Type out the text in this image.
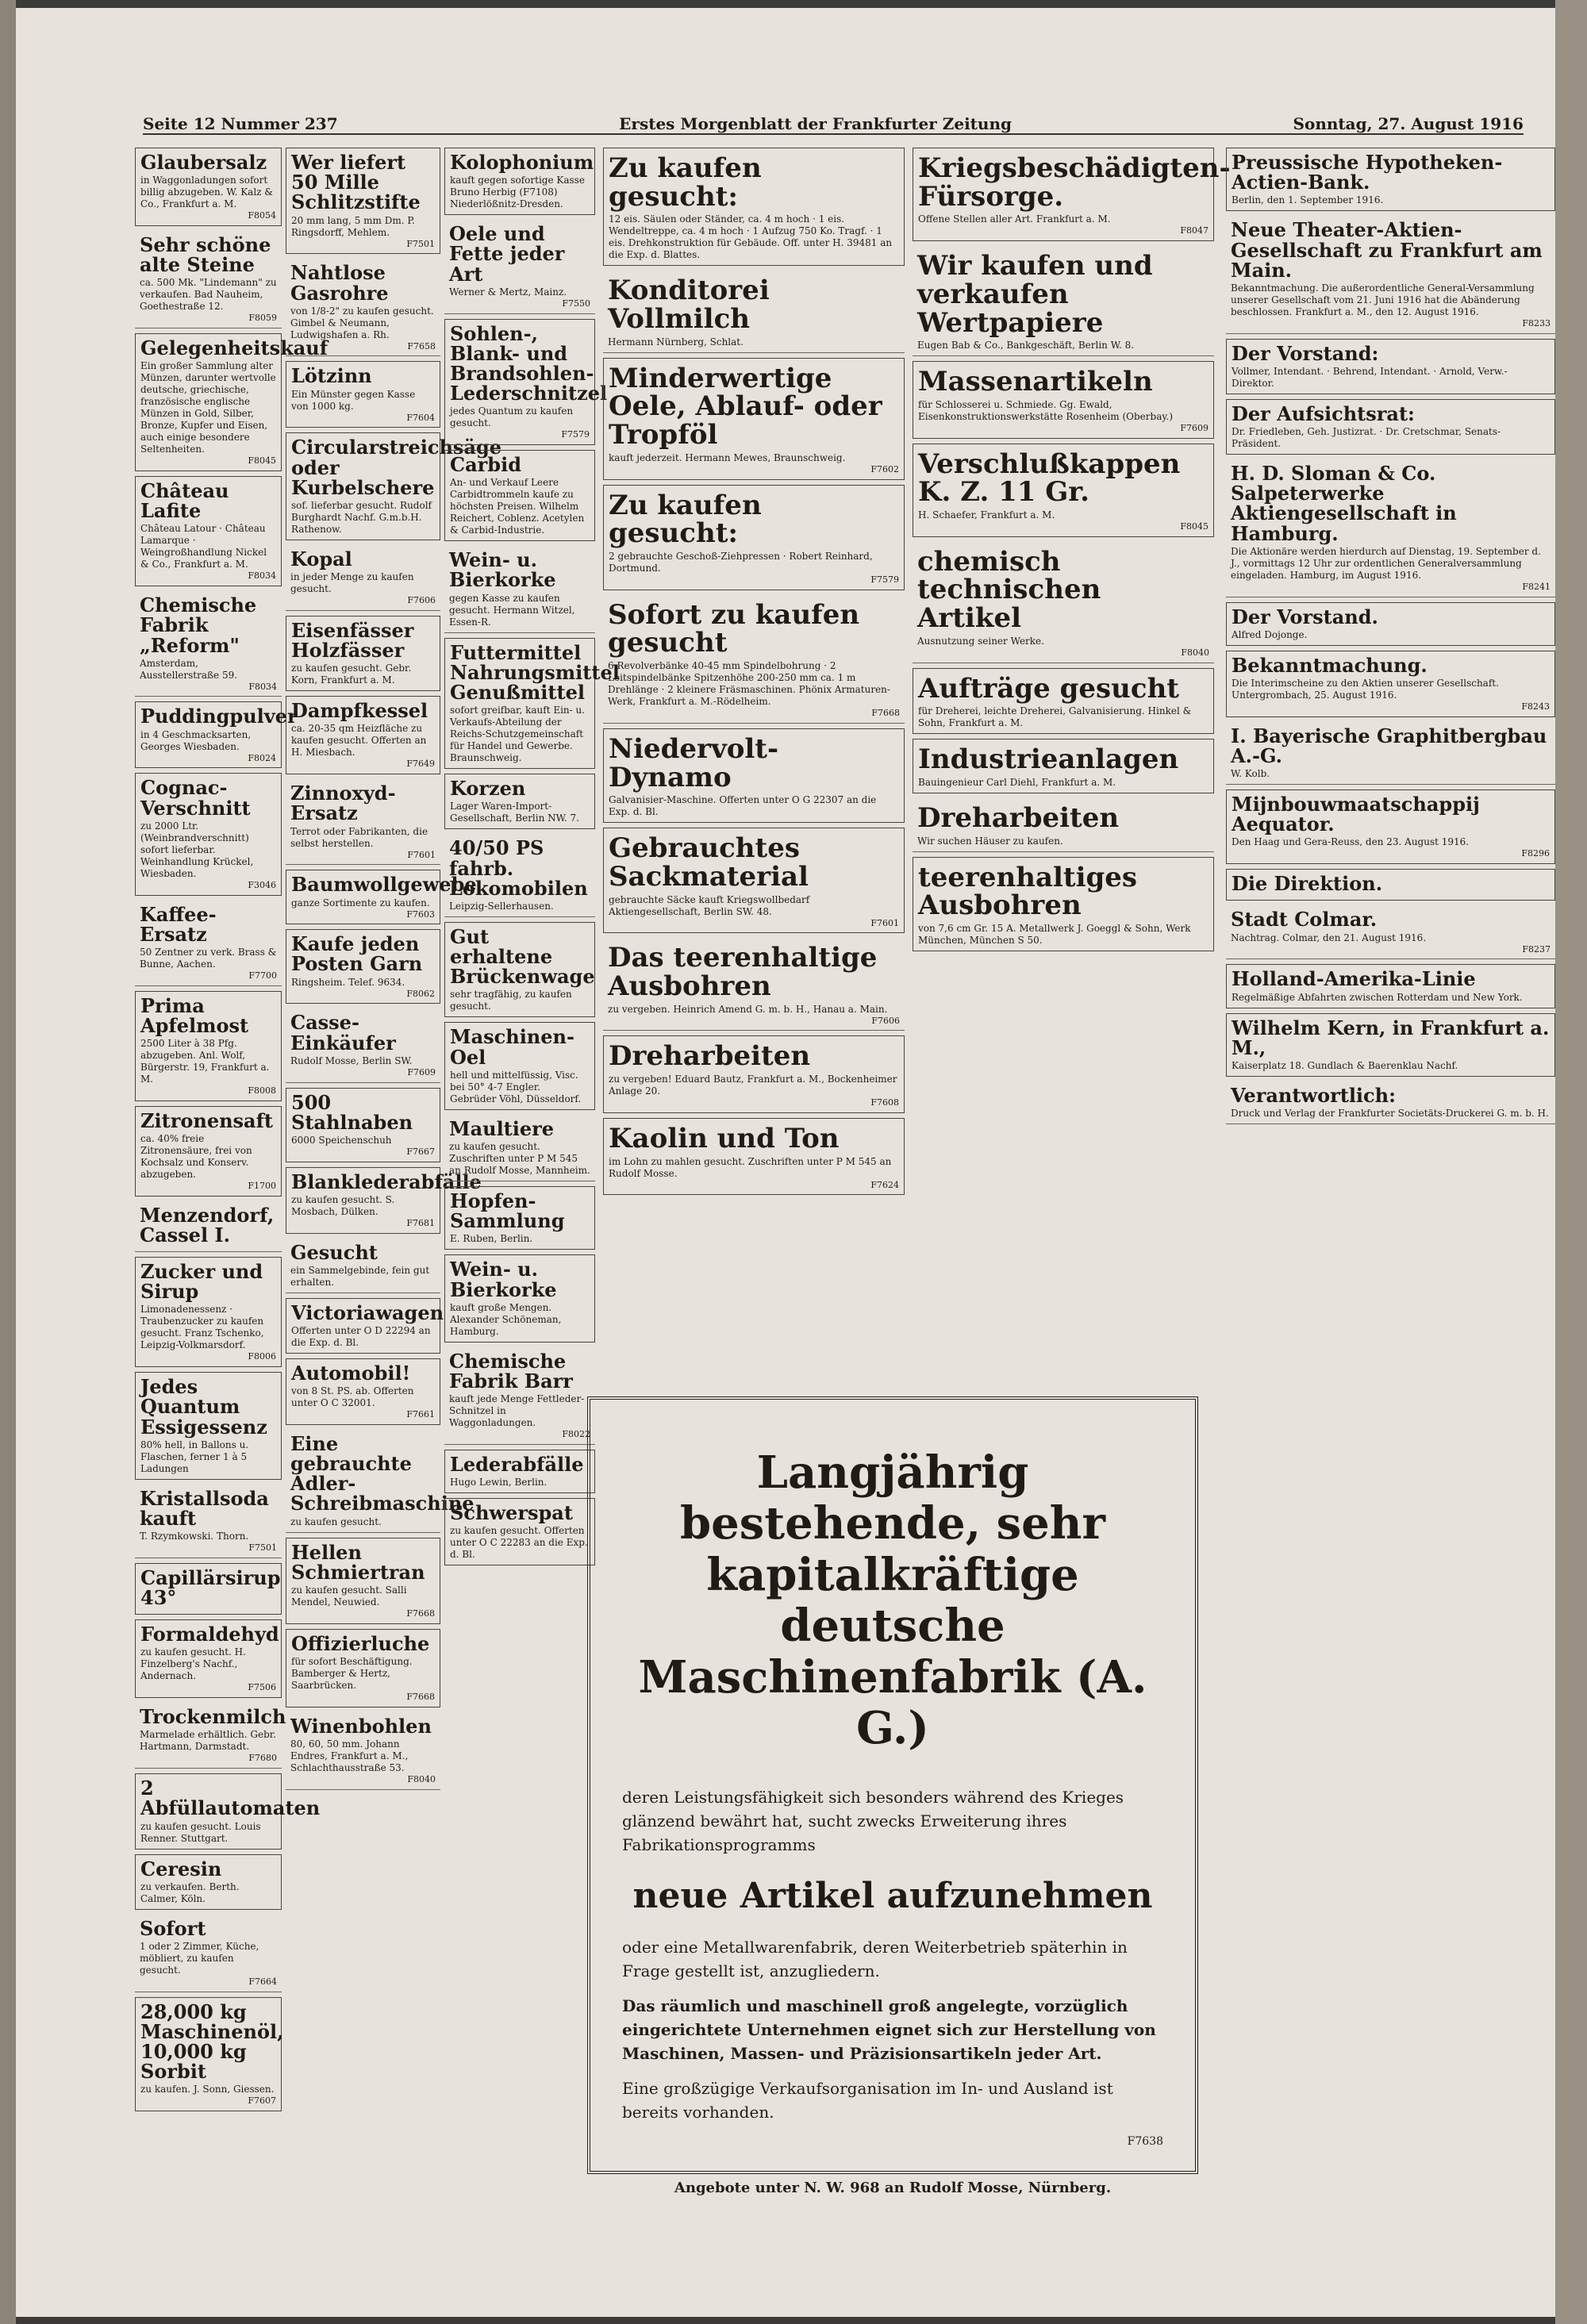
Seite 12 Nummer 237	Erstes Morgenblatt der Frankfurter Zeitung	Sonntag, 27. August 1916
Glaubersalz
in Waggonladungen sofort billig abzugeben. W. Kalz & Co., Frankfurt a. M.
F8054
Sehr schöne alte Steine
ca. 500 Mk. "Lindemann" zu verkaufen. Bad Nauheim, Goethestraße 12.
F8059
Gelegenheitskauf
Ein großer Sammlung alter Münzen, darunter wertvolle deutsche, griechische, französische englische Münzen in Gold, Silber, Bronze, Kupfer und Eisen, auch einige besondere Seltenheiten.
F8045
Château Lafite
Château Latour · Château Lamarque · Weingroßhandlung Nickel & Co., Frankfurt a. M.
F8034
Chemische Fabrik „Reform"
Amsterdam, Ausstellerstraße 59.
F8034
Puddingpulver
in 4 Geschmacksarten, Georges Wiesbaden.
F8024
Cognac-Verschnitt
zu 2000 Ltr. (Weinbrandverschnitt) sofort lieferbar. Weinhandlung Krückel, Wiesbaden.
F3046
Kaffee-Ersatz
50 Zentner zu verk. Brass & Bunne, Aachen.
F7700
Prima Apfelmost
2500 Liter à 38 Pfg. abzugeben. Anl. Wolf, Bürgerstr. 19, Frankfurt a. M.
F8008
Zitronensaft
ca. 40% freie Zitronensäure, frei von Kochsalz und Konserv. abzugeben.
F1700
Menzendorf, Cassel I.
Zucker und Sirup
Limonadenessenz · Traubenzucker zu kaufen gesucht. Franz Tschenko, Leipzig-Volkmarsdorf.
F8006
Jedes Quantum Essigessenz
80% hell, in Ballons u. Flaschen, ferner 1 à 5 Ladungen
Kristallsoda kauft
T. Rzymkowski. Thorn.
F7501
Capillärsirup 43°
Formaldehyd
zu kaufen gesucht. H. Finzelberg's Nachf., Andernach.
F7506
Trockenmilch
Marmelade erhältlich. Gebr. Hartmann, Darmstadt.
F7680
2 Abfüllautomaten
zu kaufen gesucht. Louis Renner. Stuttgart.
Ceresin
zu verkaufen. Berth. Calmer, Köln.
Sofort
1 oder 2 Zimmer, Küche, möbliert, zu kaufen gesucht.
F7664
28,000 kg Maschinenöl, 10,000 kg Sorbit
zu kaufen. J. Sonn, Giessen.
F7607
Wer liefert 50 Mille Schlitzstifte
20 mm lang, 5 mm Dm. P. Ringsdorff, Mehlem.
F7501
Nahtlose Gasrohre
von 1/8-2" zu kaufen gesucht. Gimbel & Neumann, Ludwigshafen a. Rh.
F7658
Lötzinn
Ein Münster gegen Kasse von 1000 kg.
F7604
Circularstreichsäge oder Kurbelschere
sof. lieferbar gesucht. Rudolf Burghardt Nachf. G.m.b.H. Rathenow.
Kopal
in jeder Menge zu kaufen gesucht.
F7606
Eisenfässer Holzfässer
zu kaufen gesucht. Gebr. Korn, Frankfurt a. M.
Dampfkessel
ca. 20-35 qm Heizfläche zu kaufen gesucht. Offerten an H. Miesbach.
F7649
Zinnoxyd-Ersatz
Terrot oder Fabrikanten, die selbst herstellen.
F7601
Baumwollgewebe
ganze Sortimente zu kaufen.
F7603
Kaufe jeden Posten Garn
Ringsheim. Telef. 9634.
F8062
Casse-Einkäufer
Rudolf Mosse, Berlin SW.
F7609
500 Stahlnaben
6000 Speichenschuh
F7667
Blanklederabfälle
zu kaufen gesucht. S. Mosbach, Dülken.
F7681
Gesucht
ein Sammelgebinde, fein gut erhalten.
Victoriawagen
Offerten unter O D 22294 an die Exp. d. Bl.
Automobil!
von 8 St. PS. ab. Offerten unter O C 32001.
F7661
Eine gebrauchte Adler-Schreibmaschine
zu kaufen gesucht.
Hellen Schmiertran
zu kaufen gesucht. Salli Mendel, Neuwied.
F7668
Offizierluche
für sofort Beschäftigung. Bamberger & Hertz, Saarbrücken.
F7668
Winenbohlen
80, 60, 50 mm. Johann Endres, Frankfurt a. M., Schlachthausstraße 53.
F8040
Kolophonium
kauft gegen sofortige Kasse Bruno Herbig (F7108) Niederlößnitz-Dresden.
Oele und Fette jeder Art
Werner & Mertz, Mainz.
F7550
Sohlen-, Blank- und Brandsohlen-Lederschnitzel
jedes Quantum zu kaufen gesucht.
F7579
Carbid
An- und Verkauf Leere Carbidtrommeln kaufe zu höchsten Preisen. Wilhelm Reichert, Coblenz. Acetylen & Carbid-Industrie.
Wein- u. Bierkorke
gegen Kasse zu kaufen gesucht. Hermann Witzel, Essen-R.
Futtermittel Nahrungsmittel Genußmittel
sofort greifbar, kauft Ein- u. Verkaufs-Abteilung der Reichs-Schutzgemeinschaft für Handel und Gewerbe. Braunschweig.
Korzen
Lager Waren-Import-Gesellschaft, Berlin NW. 7.
40/50 PS fahrb. Lokomobilen
Leipzig-Sellerhausen.
Gut erhaltene Brückenwage
sehr tragfähig, zu kaufen gesucht.
Maschinen-Oel
hell und mittelfüssig, Visc. bei 50° 4-7 Engler. Gebrüder Vöhl, Düsseldorf.
Maultiere
zu kaufen gesucht. Zuschriften unter P M 545 an Rudolf Mosse, Mannheim.
Hopfen-Sammlung
E. Ruben, Berlin.
Wein- u. Bierkorke
kauft große Mengen. Alexander Schöneman, Hamburg.
Chemische Fabrik Barr
kauft jede Menge Fettleder-Schnitzel in Waggonladungen.
F8022
Lederabfälle
Hugo Lewin, Berlin.
Schwerspat
zu kaufen gesucht. Offerten unter O C 22283 an die Exp. d. Bl.
Zu kaufen gesucht:
12 eis. Säulen oder Ständer, ca. 4 m hoch · 1 eis. Wendeltreppe, ca. 4 m hoch · 1 Aufzug 750 Ko. Tragf. · 1 eis. Drehkonstruktion für Gebäude. Off. unter H. 39481 an die Exp. d. Blattes.
Konditorei Vollmilch
Hermann Nürnberg, Schlat.
Minderwertige Oele, Ablauf- oder Tropföl
kauft jederzeit. Hermann Mewes, Braunschweig.
F7602
Zu kaufen gesucht:
2 gebrauchte Geschoß-Ziehpressen · Robert Reinhard, Dortmund.
F7579
Sofort zu kaufen gesucht
6 Revolverbänke 40-45 mm Spindelbohrung · 2 Leitspindelbänke Spitzenhöhe 200-250 mm ca. 1 m Drehlänge · 2 kleinere Fräsmaschinen. Phönix Armaturen-Werk, Frankfurt a. M.-Rödelheim.
F7668
Niedervolt-Dynamo
Galvanisier-Maschine. Offerten unter O G 22307 an die Exp. d. Bl.
Gebrauchtes Sackmaterial
gebrauchte Säcke kauft Kriegswollbedarf Aktiengesellschaft, Berlin SW. 48.
F7601
Das teerenhaltige Ausbohren
zu vergeben. Heinrich Amend G. m. b. H., Hanau a. Main.
F7606
Dreharbeiten
zu vergeben! Eduard Bautz, Frankfurt a. M., Bockenheimer Anlage 20.
F7608
Kaolin und Ton
im Lohn zu mahlen gesucht. Zuschriften unter P M 545 an Rudolf Mosse.
F7624
Kriegsbeschädigten-Fürsorge.
Offene Stellen aller Art. Frankfurt a. M.
F8047
Wir kaufen und verkaufen Wertpapiere
Eugen Bab & Co., Bankgeschäft, Berlin W. 8.
Massenartikeln
für Schlosserei u. Schmiede. Gg. Ewald, Eisenkonstruktionswerkstätte Rosenheim (Oberbay.)
F7609
Verschlußkappen K. Z. 11 Gr.
H. Schaefer, Frankfurt a. M.
F8045
chemisch technischen Artikel
Ausnutzung seiner Werke.
F8040
Aufträge gesucht
für Dreherei, leichte Dreherei, Galvanisierung. Hinkel & Sohn, Frankfurt a. M.
Industrieanlagen
Bauingenieur Carl Diehl, Frankfurt a. M.
Dreharbeiten
Wir suchen Häuser zu kaufen.
teerenhaltiges Ausbohren
von 7,6 cm Gr. 15 A. Metallwerk J. Goeggl & Sohn, Werk München, München S 50.
Preussische Hypotheken-Actien-Bank.
Berlin, den 1. September 1916.
Neue Theater-Aktien-Gesellschaft zu Frankfurt am Main.
Bekanntmachung. Die außerordentliche General-Versammlung unserer Gesellschaft vom 21. Juni 1916 hat die Abänderung beschlossen. Frankfurt a. M., den 12. August 1916.
F8233
Der Vorstand:
Vollmer, Intendant. · Behrend, Intendant. · Arnold, Verw.-Direktor.
Der Aufsichtsrat:
Dr. Friedleben, Geh. Justizrat. · Dr. Cretschmar, Senats-Präsident.
H. D. Sloman & Co. Salpeterwerke Aktiengesellschaft in Hamburg.
Die Aktionäre werden hierdurch auf Dienstag, 19. September d. J., vormittags 12 Uhr zur ordentlichen Generalversammlung eingeladen. Hamburg, im August 1916.
F8241
Der Vorstand.
Alfred Dojonge.
Bekanntmachung.
Die Interimscheine zu den Aktien unserer Gesellschaft. Untergrombach, 25. August 1916.
F8243
I. Bayerische Graphitbergbau A.-G.
W. Kolb.
Mijnbouwmaatschappij Aequator.
Den Haag und Gera-Reuss, den 23. August 1916.
F8296
Die Direktion.
Stadt Colmar.
Nachtrag. Colmar, den 21. August 1916.
F8237
Holland-Amerika-Linie
Regelmäßige Abfahrten zwischen Rotterdam und New York.
Wilhelm Kern, in Frankfurt a. M.,
Kaiserplatz 18. Gundlach & Baerenklau Nachf.
Verantwortlich:
Druck und Verlag der Frankfurter Societäts-Druckerei G. m. b. H.
Langjährig bestehende, sehr kapitalkräftige deutsche Maschinenfabrik (A. G.)

deren Leistungsfähigkeit sich besonders während des Krieges glänzend bewährt hat, sucht zwecks Erweiterung ihres Fabrikationsprogramms

neue Artikel aufzunehmen

oder eine Metallwarenfabrik, deren Weiterbetrieb späterhin in Frage gestellt ist, anzugliedern.

Das räumlich und maschinell groß angelegte, vorzüglich eingerichtete Unternehmen eignet sich zur Herstellung von Maschinen, Massen- und Präzisionsartikeln jeder Art.

Eine großzügige Verkaufsorganisation im In- und Ausland ist bereits vorhanden.

F7638
Angebote unter N. W. 968 an Rudolf Mosse, Nürnberg.
